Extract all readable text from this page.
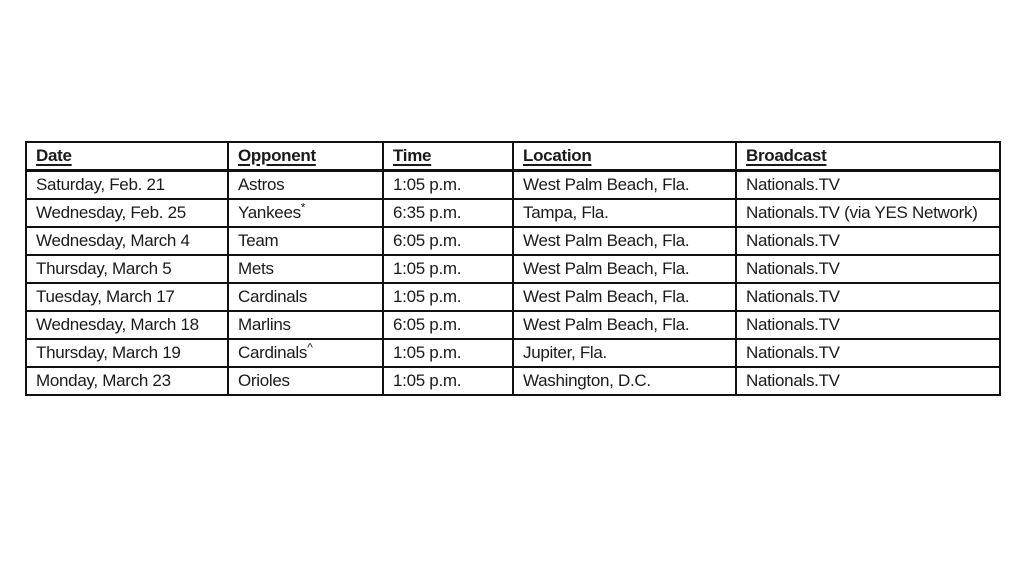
Date	Opponent	Time	Location	Broadcast
Saturday, Feb. 21	Astros	1:05 p.m.	West Palm Beach, Fla.	Nationals.TV
Wednesday, Feb. 25	Yankees*	6:35 p.m.	Tampa, Fla.	Nationals.TV (via YES Network)
Wednesday, March 4	Team	6:05 p.m.	West Palm Beach, Fla.	Nationals.TV
Thursday, March 5	Mets	1:05 p.m.	West Palm Beach, Fla.	Nationals.TV
Tuesday, March 17	Cardinals	1:05 p.m.	West Palm Beach, Fla.	Nationals.TV
Wednesday, March 18	Marlins	6:05 p.m.	West Palm Beach, Fla.	Nationals.TV
Thursday, March 19	Cardinals^	1:05 p.m.	Jupiter, Fla.	Nationals.TV
Monday, March 23	Orioles	1:05 p.m.	Washington, D.C.	Nationals.TV
